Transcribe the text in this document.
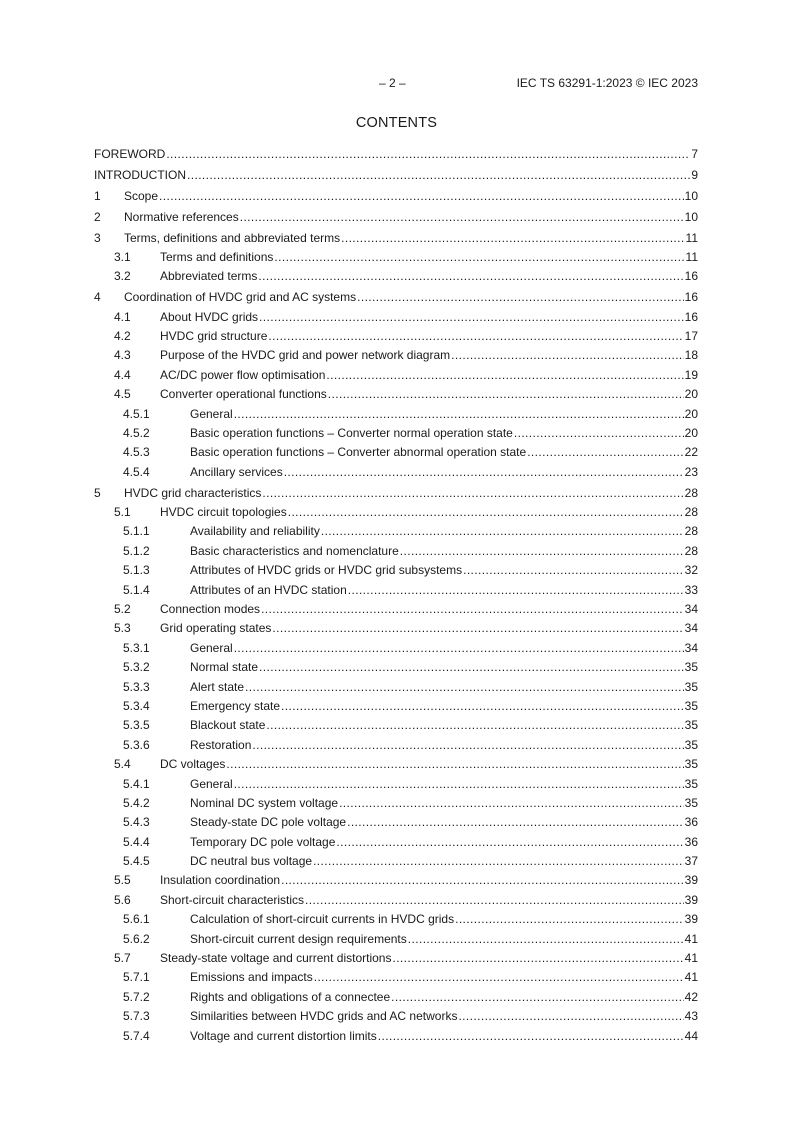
– 2 –	IEC TS 63291-1:2023 © IEC 2023
CONTENTS
FOREWORD .....	7
INTRODUCTION .....	9
1 Scope .....	10
2 Normative references .....	10
3 Terms, definitions and abbreviated terms .....	11
3.1 Terms and definitions .....	11
3.2 Abbreviated terms .....	16
4 Coordination of HVDC grid and AC systems .....	16
4.1 About HVDC grids .....	16
4.2 HVDC grid structure .....	17
4.3 Purpose of the HVDC grid and power network diagram .....	18
4.4 AC/DC power flow optimisation .....	19
4.5 Converter operational functions .....	20
4.5.1	General .....	20
4.5.2	Basic operation functions – Converter normal operation state .....	20
4.5.3	Basic operation functions – Converter abnormal operation state .....	22
4.5.4	Ancillary services .....	23
5 HVDC grid characteristics .....	28
5.1 HVDC circuit topologies .....	28
5.1.1	Availability and reliability .....	28
5.1.2	Basic characteristics and nomenclature .....	28
5.1.3	Attributes of HVDC grids or HVDC grid subsystems .....	32
5.1.4	Attributes of an HVDC station .....	33
5.2 Connection modes .....	34
5.3 Grid operating states .....	34
5.3.1	General .....	34
5.3.2	Normal state .....	35
5.3.3	Alert state .....	35
5.3.4	Emergency state .....	35
5.3.5	Blackout state .....	35
5.3.6	Restoration .....	35
5.4 DC voltages .....	35
5.4.1	General .....	35
5.4.2	Nominal DC system voltage .....	35
5.4.3	Steady-state DC pole voltage .....	36
5.4.4	Temporary DC pole voltage .....	36
5.4.5	DC neutral bus voltage .....	37
5.5 Insulation coordination .....	39
5.6 Short-circuit characteristics .....	39
5.6.1	Calculation of short-circuit currents in HVDC grids .....	39
5.6.2	Short-circuit current design requirements .....	41
5.7 Steady-state voltage and current distortions .....	41
5.7.1	Emissions and impacts .....	41
5.7.2	Rights and obligations of a connectee .....	42
5.7.3	Similarities between HVDC grids and AC networks .....	43
5.7.4	Voltage and current distortion limits .....	44
